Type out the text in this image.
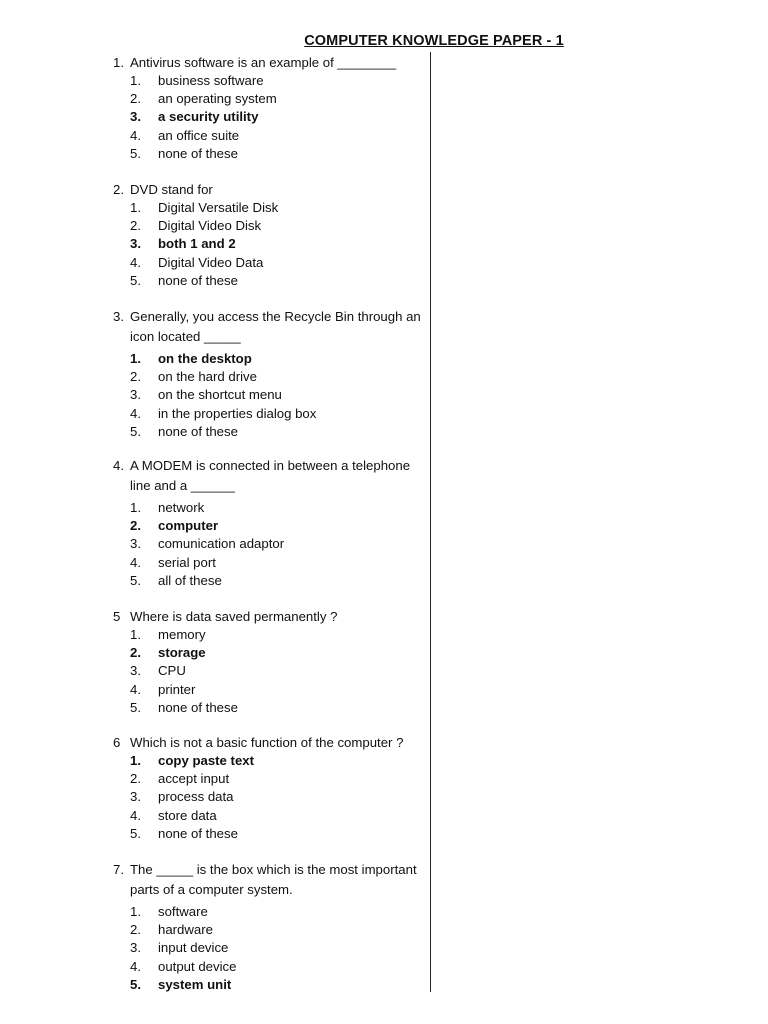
COMPUTER KNOWLEDGE PAPER - 1
1. Antivirus software is an example of ________
1. business software
2. an operating system
3. a security utility
4. an office suite
5. none of these
2. DVD stand for
1. Digital Versatile Disk
2. Digital Video Disk
3. both 1 and 2
4. Digital Video Data
5. none of these
3. Generally, you access the Recycle Bin through an
icon located _____
1. on the desktop
2. on the hard drive
3. on the shortcut menu
4. in the properties dialog box
5. none of these
4. A MODEM is connected in between a telephone
line and a ______
1. network
2. computer
3. comunication adaptor
4. serial port
5. all of these
5 Where is data saved permanently ?
1. memory
2. storage
3. CPU
4. printer
5. none of these
6 Which is not a basic function of the computer ?
1. copy paste text
2. accept input
3. process data
4. store data
5. none of these
7. The _____ is the box which is the most important
parts of a computer system.
1. software
2. hardware
3. input device
4. output device
5. system unit
